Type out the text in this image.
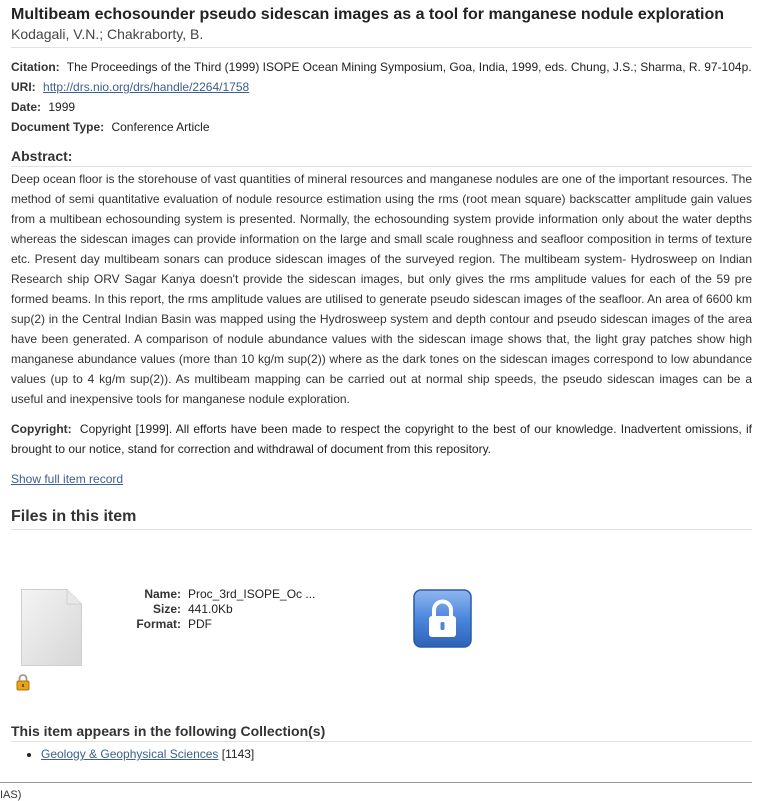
Multibeam echosounder pseudo sidescan images as a tool for manganese nodule exploration
Kodagali, V.N.; Chakraborty, B.
Citation: The Proceedings of the Third (1999) ISOPE Ocean Mining Symposium, Goa, India, 1999, eds. Chung, J.S.; Sharma, R. 97-104p.
URI: http://drs.nio.org/drs/handle/2264/1758
Date: 1999
Document Type: Conference Article
Abstract:
Deep ocean floor is the storehouse of vast quantities of mineral resources and manganese nodules are one of the important resources. The method of semi quantitative evaluation of nodule resource estimation using the rms (root mean square) backscatter amplitude gain values from a multibean echosounding system is presented. Normally, the echosounding system provide information only about the water depths whereas the sidescan images can provide information on the large and small scale roughness and seafloor composition in terms of texture etc. Present day multibeam sonars can produce sidescan images of the surveyed region. The multibeam system- Hydrosweep on Indian Research ship ORV Sagar Kanya doesn't provide the sidescan images, but only gives the rms amplitude values for each of the 59 pre formed beams. In this report, the rms amplitude values are utilised to generate pseudo sidescan images of the seafloor. An area of 6600 km sup(2) in the Central Indian Basin was mapped using the Hydrosweep system and depth contour and pseudo sidescan images of the area have been generated. A comparison of nodule abundance values with the sidescan image shows that, the light gray patches show high manganese abundance values (more than 10 kg/m sup(2)) where as the dark tones on the sidescan images correspond to low abundance values (up to 4 kg/m sup(2)). As multibeam mapping can be carried out at normal ship speeds, the pseudo sidescan images can be a useful and inexpensive tools for manganese nodule exploration.
Copyright: Copyright [1999]. All efforts have been made to respect the copyright to the best of our knowledge. Inadvertent omissions, if brought to our notice, stand for correction and withdrawal of document from this repository.
Show full item record
Files in this item
Name: Proc_3rd_ISOPE_Oc ...
Size: 441.0Kb
Format: PDF
This item appears in the following Collection(s)
• Geology & Geophysical Sciences [1143]
IAS)
